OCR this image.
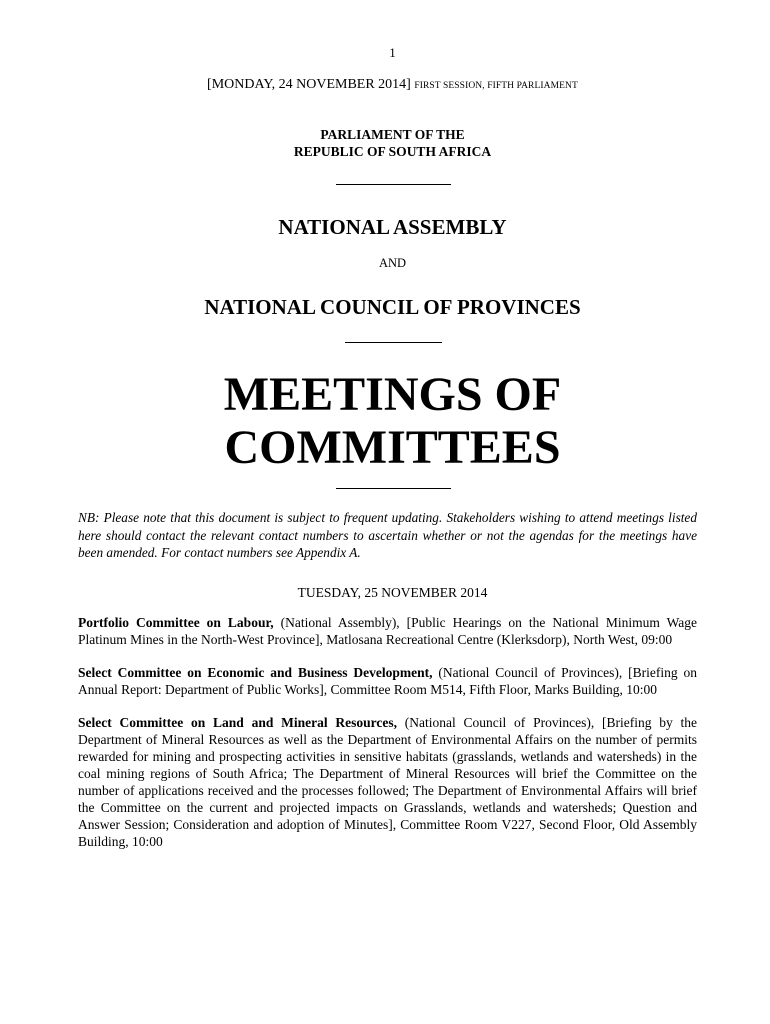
1
[MONDAY, 24 NOVEMBER 2014] FIRST SESSION, FIFTH PARLIAMENT
PARLIAMENT OF THE
REPUBLIC OF SOUTH AFRICA
NATIONAL ASSEMBLY
AND
NATIONAL COUNCIL OF PROVINCES
MEETINGS OF
COMMITTEES
NB: Please note that this document is subject to frequent updating. Stakeholders wishing to attend meetings listed here should contact the relevant contact numbers to ascertain whether or not the agendas for the meetings have been amended. For contact numbers see Appendix A.
TUESDAY, 25 NOVEMBER 2014

Portfolio Committee on Labour, (National Assembly), [Public Hearings on the National Minimum Wage Platinum Mines in the North-West Province], Matlosana Recreational Centre (Klerksdorp), North West, 09:00

Select Committee on Economic and Business Development, (National Council of Provinces), [Briefing on Annual Report: Department of Public Works], Committee Room M514, Fifth Floor, Marks Building, 10:00

Select Committee on Land and Mineral Resources, (National Council of Provinces), [Briefing by the Department of Mineral Resources as well as the Department of Environmental Affairs on the number of permits rewarded for mining and prospecting activities in sensitive habitats (grasslands, wetlands and watersheds) in the coal mining regions of South Africa; The Department of Mineral Resources will brief the Committee on the number of applications received and the processes followed; The Department of Environmental Affairs will brief the Committee on the current and projected impacts on Grasslands, wetlands and watersheds; Question and Answer Session; Consideration and adoption of Minutes], Committee Room V227, Second Floor, Old Assembly Building, 10:00
